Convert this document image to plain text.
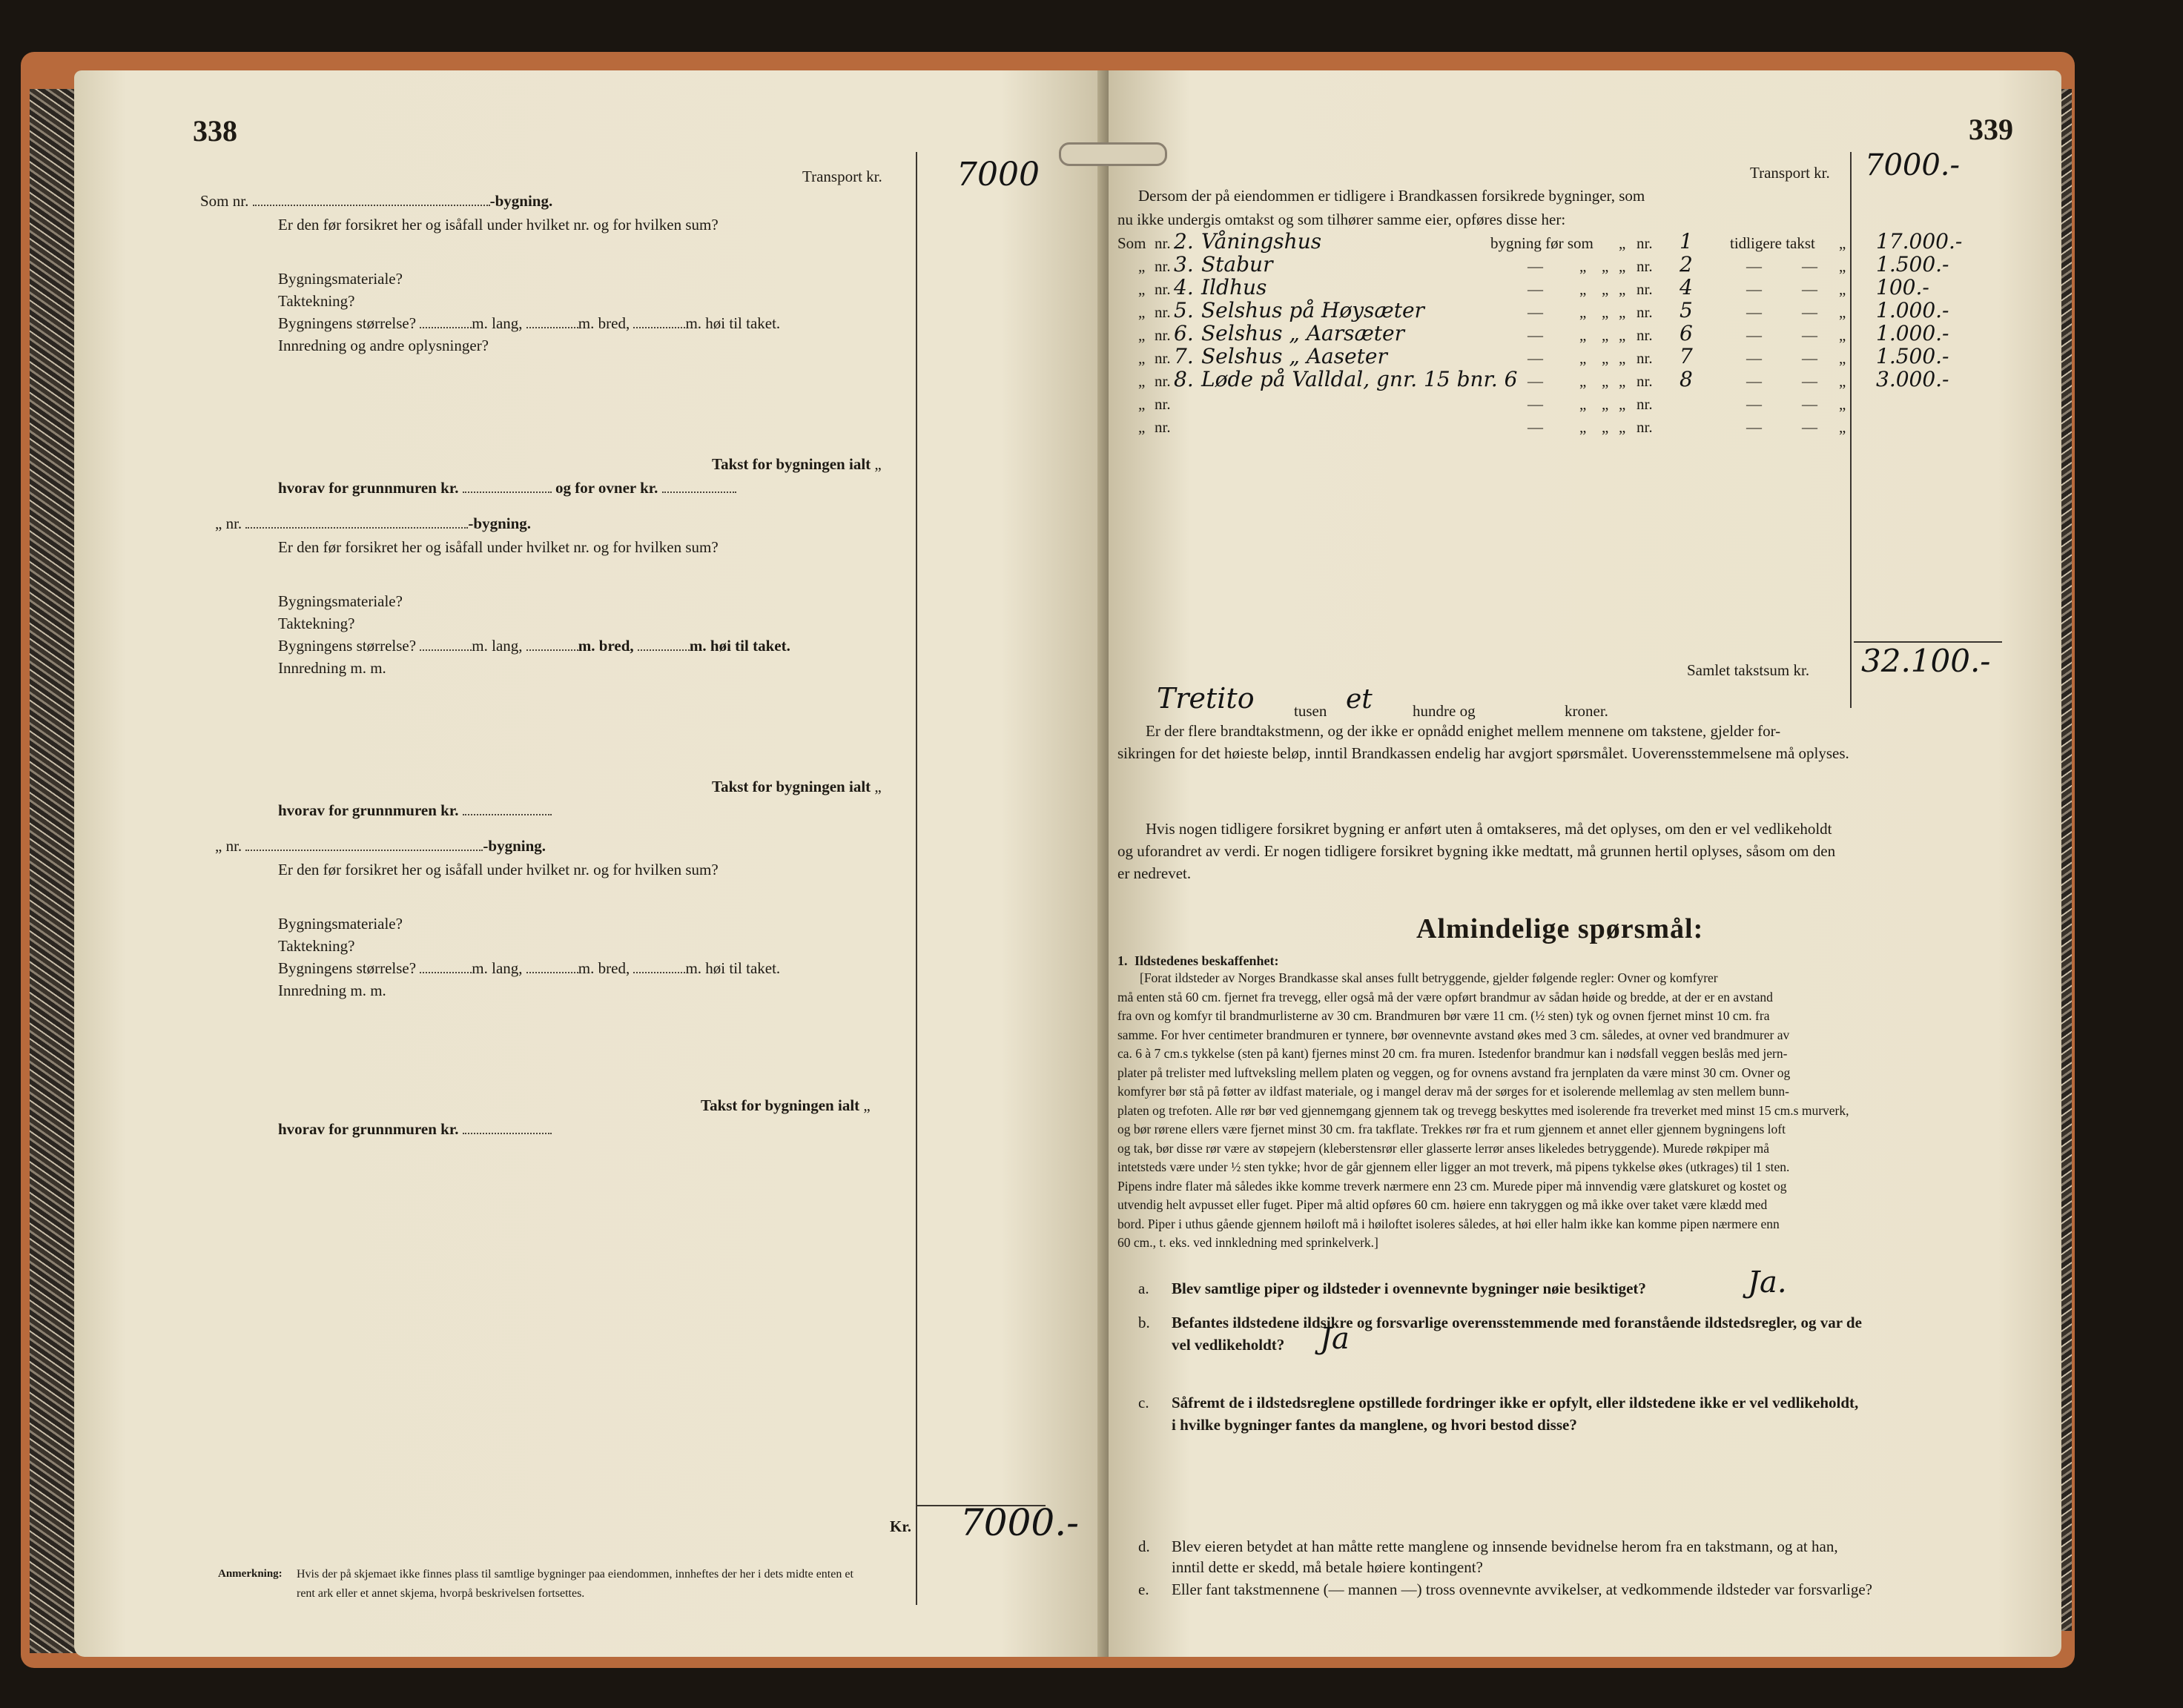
338
Transport kr. 7000
Som nr.	-bygning.
Er den før forsikret her og isåfall under hvilket nr. og for hvilken sum?
Bygningsmateriale?
Taktekning?
Bygningens størrelse?	m. lang,	m. bred,	m. høi til taket.
Innredning og andre oplysninger?
Takst for bygningen ialt „
hvorav for grunnmuren kr.	og for ovner kr.
„ nr.	-bygning.
Er den før forsikret her og isåfall under hvilket nr. og for hvilken sum?
Bygningsmateriale?
Taktekning?
Bygningens størrelse?	m. lang,	m. bred,	m. høi til taket.
Innredning m. m.
Takst for bygningen ialt „
hvorav for grunnmuren kr.
„ nr.	-bygning.
Er den før forsikret her og isåfall under hvilket nr. og for hvilken sum?
Bygningsmateriale?
Taktekning?
Bygningens størrelse?	m. lang,	m. bred,	m. høi til taket.
Innredning m. m.
Takst for bygningen ialt „
hvorav for grunnmuren kr.
Kr. 7000.-
Anmerkning: Hvis der på skjemaet ikke finnes plass til samtlige bygninger paa eiendommen, innheftes der her i dets midte enten et
rent ark eller et annet skjema, hvorpå beskrivelsen fortsettes.
339
Transport kr. 7000.-
Dersom der på eiendommen er tidligere i Brandkassen forsikrede bygninger, som
nu ikke undergis omtakst og som tilhører samme eier, opføres disse her:
Som nr. 2. Våningshus	bygning før som „ nr. 1 tidligere takst „ 17.000.-
„ nr. 3. Stabur	— „ „ „ nr. 2	—	— „ 1.500.-
„ nr. 4. Ildhus	— „ „ „ nr. 4	—	— „ 100.-
„ nr. 5. Selshus på Høysæter	— „ „ „ nr. 5	—	— „ 1.000.-
„ nr. 6. Selshus „ Aarsæter	— „ „ „ nr. 6	—	— „ 1.000.-
„ nr. 7. Selshus „ Aaseter	— „ „ „ nr. 7	—	— „ 1.500.-
„ nr. 8. Løde på Valldal, gnr. 15 bnr. 6 — „ „ „ nr. 8	—	— „ 3.000.-
„ nr.	— „ „ „ nr.	—	— „
„ nr.	— „ „ „ nr.	—	— „
Samlet takstsum kr. 32.100.-
Tretito	tusen et	hundre og	kroner.
Er der flere brandtakstmenn, og der ikke er opnådd enighet mellem mennene om takstene, gjelder for-
sikringen for det høieste beløp, inntil Brandkassen endelig har avgjort spørsmålet. Uoverensstemmelsene må oplyses.
Hvis nogen tidligere forsikret bygning er anført uten å omtakseres, må det oplyses, om den er vel vedlikeholdt
og uforandret av verdi. Er nogen tidligere forsikret bygning ikke medtatt, må grunnen hertil oplyses, såsom om den
er nedrevet.
Almindelige spørsmål:
1. Ildstedenes beskaffenhet:
[Forat ildsteder av Norges Brandkasse skal anses fullt betryggende, gjelder følgende regler: Ovner og komfyrer
må enten stå 60 cm. fjernet fra trevegg, eller også må der være opført brandmur av sådan høide og bredde, at der er en avstand
fra ovn og komfyr til brandmurlisterne av 30 cm. Brandmuren bør være 11 cm. (½ sten) tyk og ovnen fjernet minst 10 cm. fra
samme. For hver centimeter brandmuren er tynnere, bør ovennevnte avstand økes med 3 cm. således, at ovner ved brandmurer av
ca. 6 à 7 cm.s tykkelse (sten på kant) fjernes minst 20 cm. fra muren. Istedenfor brandmur kan i nødsfall veggen beslås med jern-
plater på trelister med luftveksling mellem platen og veggen, og for ovnens avstand fra jernplaten da være minst 30 cm. Ovner og
komfyrer bør stå på føtter av ildfast materiale, og i mangel derav må der sørges for et isolerende mellemlag av sten mellem bunn-
platen og trefoten. Alle rør bør ved gjennemgang gjennem tak og trevegg beskyttes med isolerende fra treverket med minst 15 cm.s murverk,
og bør rørene ellers være fjernet minst 30 cm. fra takflate. Trekkes rør fra et rum gjennem et annet eller gjennem bygningens loft
og tak, bør disse rør være av støpejern (kleberstensrør eller glasserte lerrør anses likeledes betryggende). Murede røkpiper må
intetsteds være under ½ sten tykke; hvor de går gjennem eller ligger an mot treverk, må pipens tykkelse økes (utkrages) til 1 sten.
Pipens indre flater må således ikke komme treverk nærmere enn 23 cm. Murede piper må innvendig være glatskuret og kostet og
utvendig helt avpusset eller fuget. Piper må altid opføres 60 cm. høiere enn takryggen og må ikke over taket være klædd med
bord. Piper i uthus gående gjennem høiloft må i høiloftet isoleres således, at høi eller halm ikke kan komme pipen nærmere enn
60 cm., t. eks. ved innkledning med sprinkelverk.]
a. Blev samtlige piper og ildsteder i ovennevnte bygninger nøie besiktiget?	Ja.
b. Befantes ildstedene ildsikre og forsvarlige overensstemmende med foranstående ildstedsregler, og var de
vel vedlikeholdt? Ja
c. Såfremt de i ildstedsreglene opstillede fordringer ikke er opfylt, eller ildstedene ikke er vel vedlikeholdt,
i hvilke bygninger fantes da manglene, og hvori bestod disse?
d. Blev eieren betydet at han måtte rette manglene og innsende bevidnelse herom fra en takstmann, og at han,
inntil dette er skedd, må betale høiere kontingent?
e. Eller fant takstmennene (— mannen —) tross ovennevnte avvikelser, at vedkommende ildsteder var forsvarlige?
